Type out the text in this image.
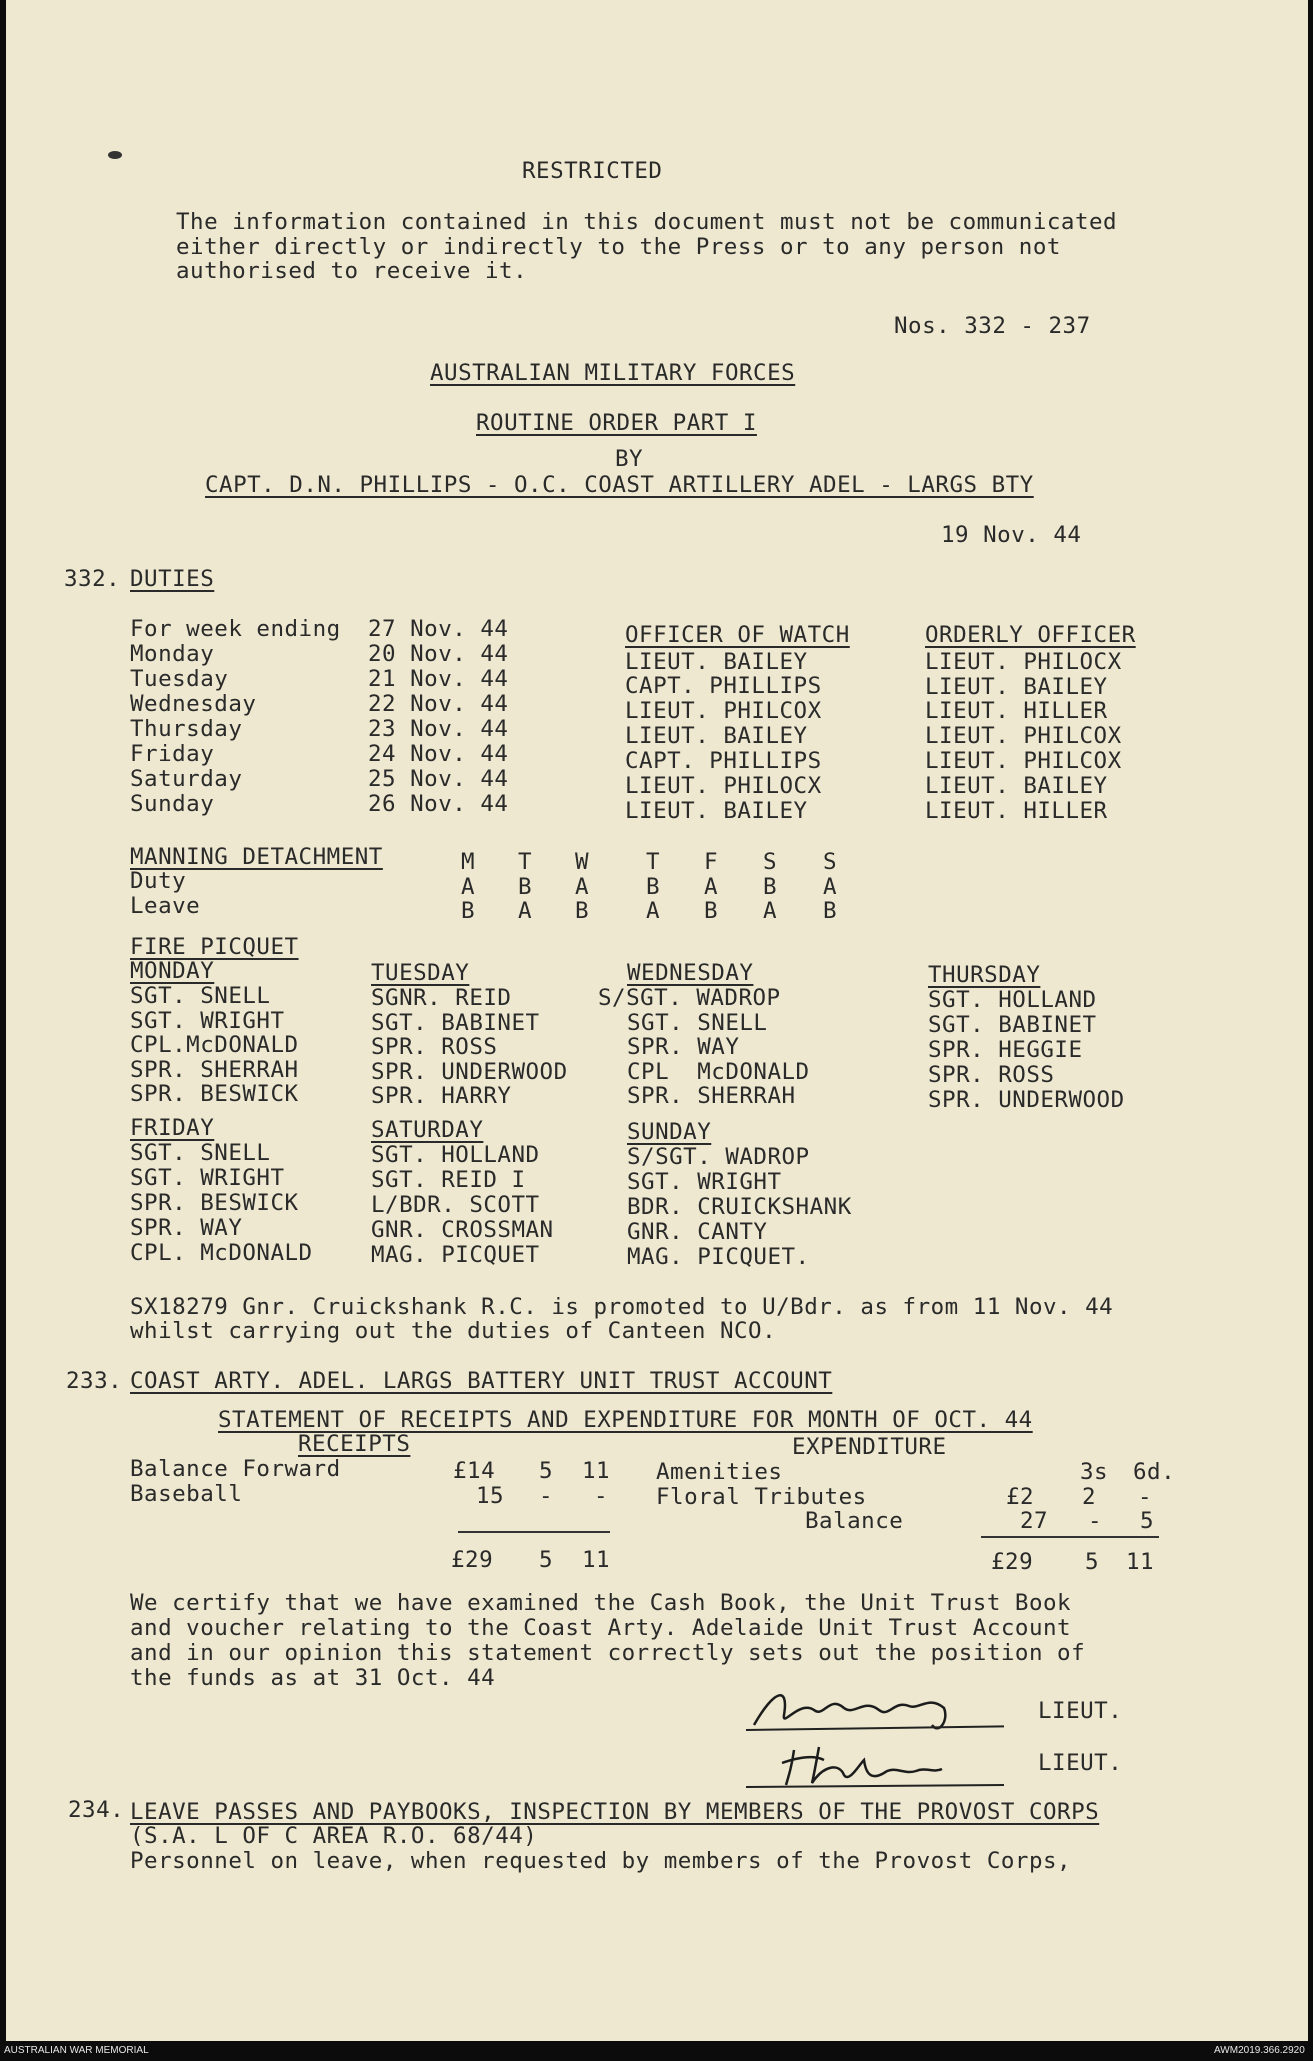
RESTRICTED
The information contained in this document must not be communicated
either directly or indirectly to the Press or to any person not
authorised to receive it.
Nos. 332 - 237
AUSTRALIAN MILITARY FORCES
ROUTINE ORDER PART I
BY
CAPT. D.N. PHILLIPS - O.C. COAST ARTILLERY ADEL - LARGS BTY
19 Nov. 44
332. DUTIES
OFFICER OF WATCH	ORDERLY OFFICER
For week ending 27 Nov. 44
Monday	20 Nov. 44	LIEUT. BAILEY	LIEUT. PHILOCX
Tuesday	21 Nov. 44	CAPT. PHILLIPS	LIEUT. BAILEY
Wednesday	22 Nov. 44	LIEUT. PHILCOX	LIEUT. HILLER
Thursday	23 Nov. 44	LIEUT. BAILEY	LIEUT. PHILCOX
Friday	24 Nov. 44	CAPT. PHILLIPS	LIEUT. PHILCOX
Saturday	25 Nov. 44	LIEUT. PHILOCX	LIEUT. BAILEY
Sunday	26 Nov. 44	LIEUT. BAILEY	LIEUT. HILLER
MANNING DETACHMENT	M T W	T F S S
Duty	A B A	B A B A
Leave	B A B	A B A B
FIRE PICQUET
MONDAY
SGT. SNELL
SGT. WRIGHT
CPL.McDONALD
SPR. SHERRAH
SPR. BESWICK
TUESDAY
SGNR. REID
SGT. BABINET
SPR. ROSS
SPR. UNDERWOOD
SPR. HARRY
WEDNESDAY
S/SGT. WADROP
SGT. SNELL
SPR. WAY
CPL  McDONALD
SPR. SHERRAH
THURSDAY
SGT. HOLLAND
SGT. BABINET
SPR. HEGGIE
SPR. ROSS
SPR. UNDERWOOD
FRIDAY
SGT. SNELL
SGT. WRIGHT
SPR. BESWICK
SPR. WAY
CPL. McDONALD
SATURDAY
SGT. HOLLAND
SGT. REID I
L/BDR. SCOTT
GNR. CROSSMAN
MAG. PICQUET
SUNDAY
S/SGT. WADROP
SGT. WRIGHT
BDR. CRUICKSHANK
GNR. CANTY
MAG. PICQUET.
SX18279 Gnr. Cruickshank R.C. is promoted to U/Bdr. as from 11 Nov. 44
whilst carrying out the duties of Canteen NCO.
233. COAST ARTY. ADEL. LARGS BATTERY UNIT TRUST ACCOUNT
STATEMENT OF RECEIPTS AND EXPENDITURE FOR MONTH OF OCT. 44
RECEIPTS	EXPENDITURE
Balance Forward	£14 5 11
Baseball	15 - -
Amenities	3s 6d.
Floral Tributes	£2 2 -
Balance	27 - 5
£29 5 11	£29 5 11
We certify that we have examined the Cash Book, the Unit Trust Book
and voucher relating to the Coast Arty. Adelaide Unit Trust Account
and in our opinion this statement correctly sets out the position of
the funds as at 31 Oct. 44
LIEUT.
LIEUT.
234. LEAVE PASSES AND PAYBOOKS, INSPECTION BY MEMBERS OF THE PROVOST CORPS
(S.A. L OF C AREA R.O. 68/44)
Personnel on leave, when requested by members of the Provost Corps,
AUSTRALIAN WAR MEMORIAL	AWM2019.366.2920
